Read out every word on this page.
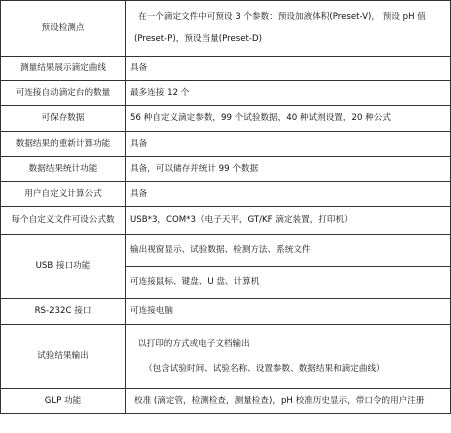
预设检测点	在一个滴定文件中可预设 3 个参数：预设加液体积(Preset-V)， 预设 pH 值
(Preset-P)，预设当量(Preset-D)

测量结果展示滴定曲线	具备
可连接自动滴定台的数量	最多连接 12 个
可保存数据	56 种自定义滴定参数，99 个试验数据，40 种试剂设置，20 种公式
数据结果的重新计算功能	具备
数据结果统计功能	具备，可以储存并统计 99 个数据
用户自定义计算公式	具备
每个自定义文件可设公式数	USB*3，COM*3（电子天平，GT/KF 滴定装置，打印机）
USB 接口功能	输出视窗显示、试验数据、检测方法、系统文件
	可连接鼠标、键盘、U 盘、计算机
RS-232C 接口	可连接电脑
试验结果输出	以打印的方式或电子文档输出
（包含试验时间、试验名称、设置参数、数据结果和滴定曲线）

GLP 功能	校准 (滴定管，检测检查，测量检查)，pH 校准历史显示，带口令的用户注册
